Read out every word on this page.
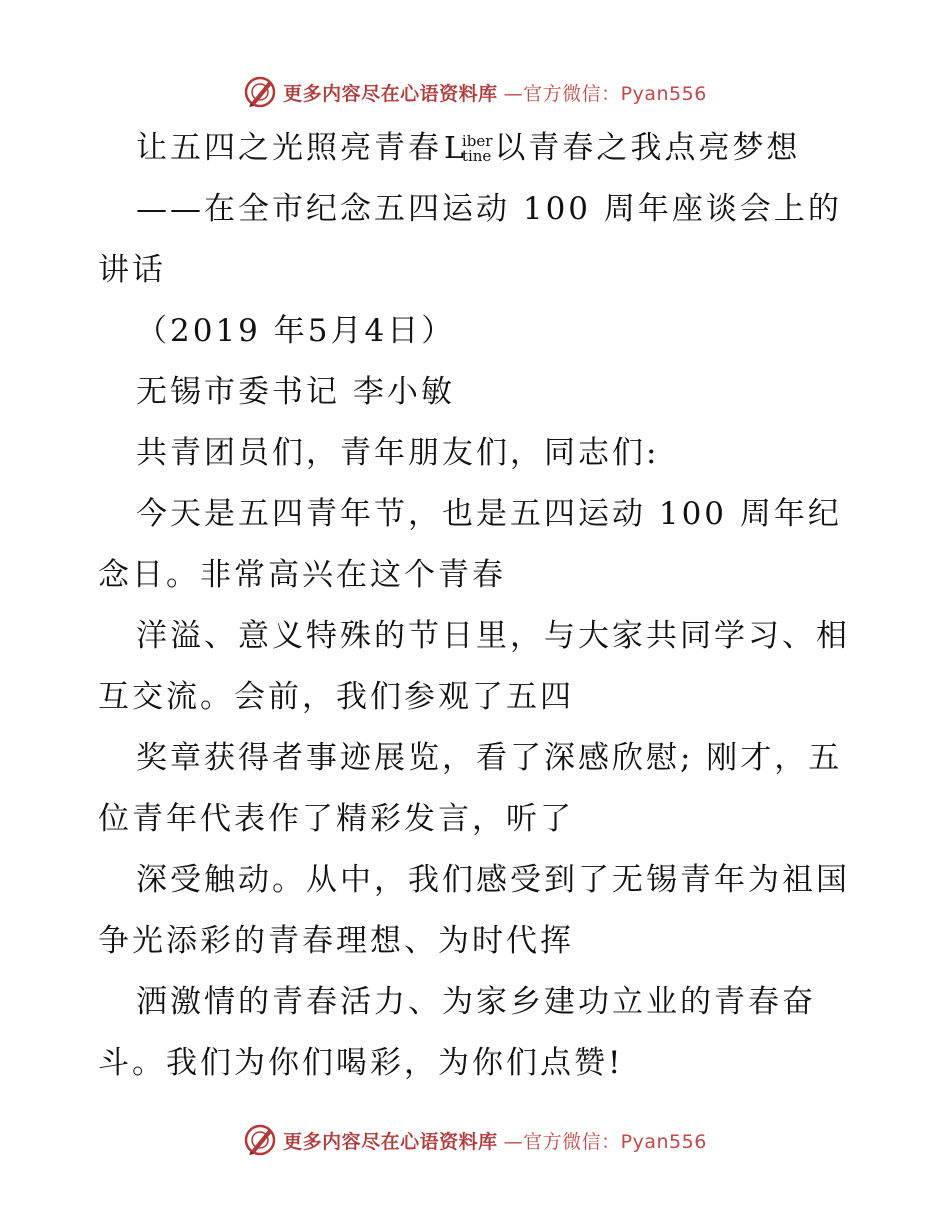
更多内容尽在心语资料库 —官方微信：Pyan556
让五四之光照亮青春 L
iber
tine 以青春之我点亮梦想
——在全市纪念五四运动 100 周年座谈会上的
讲话
（2019 年5月4日）
无锡市委书记 李小敏
共青团员们，青年朋友们，同志们:
今天是五四青年节，也是五四运动 100 周年纪
念日。非常高兴在这个青春
洋溢、意义特殊的节日里，与大家共同学习、相
互交流。会前，我们参观了五四
奖章获得者事迹展览，看了深感欣慰; 刚才，五
位青年代表作了精彩发言，听了
深受触动。从中，我们感受到了无锡青年为祖国
争光添彩的青春理想、为时代挥
洒激情的青春活力、为家乡建功立业的青春奋
斗。我们为你们喝彩，为你们点赞!
更多内容尽在心语资料库 —官方微信：Pyan556
